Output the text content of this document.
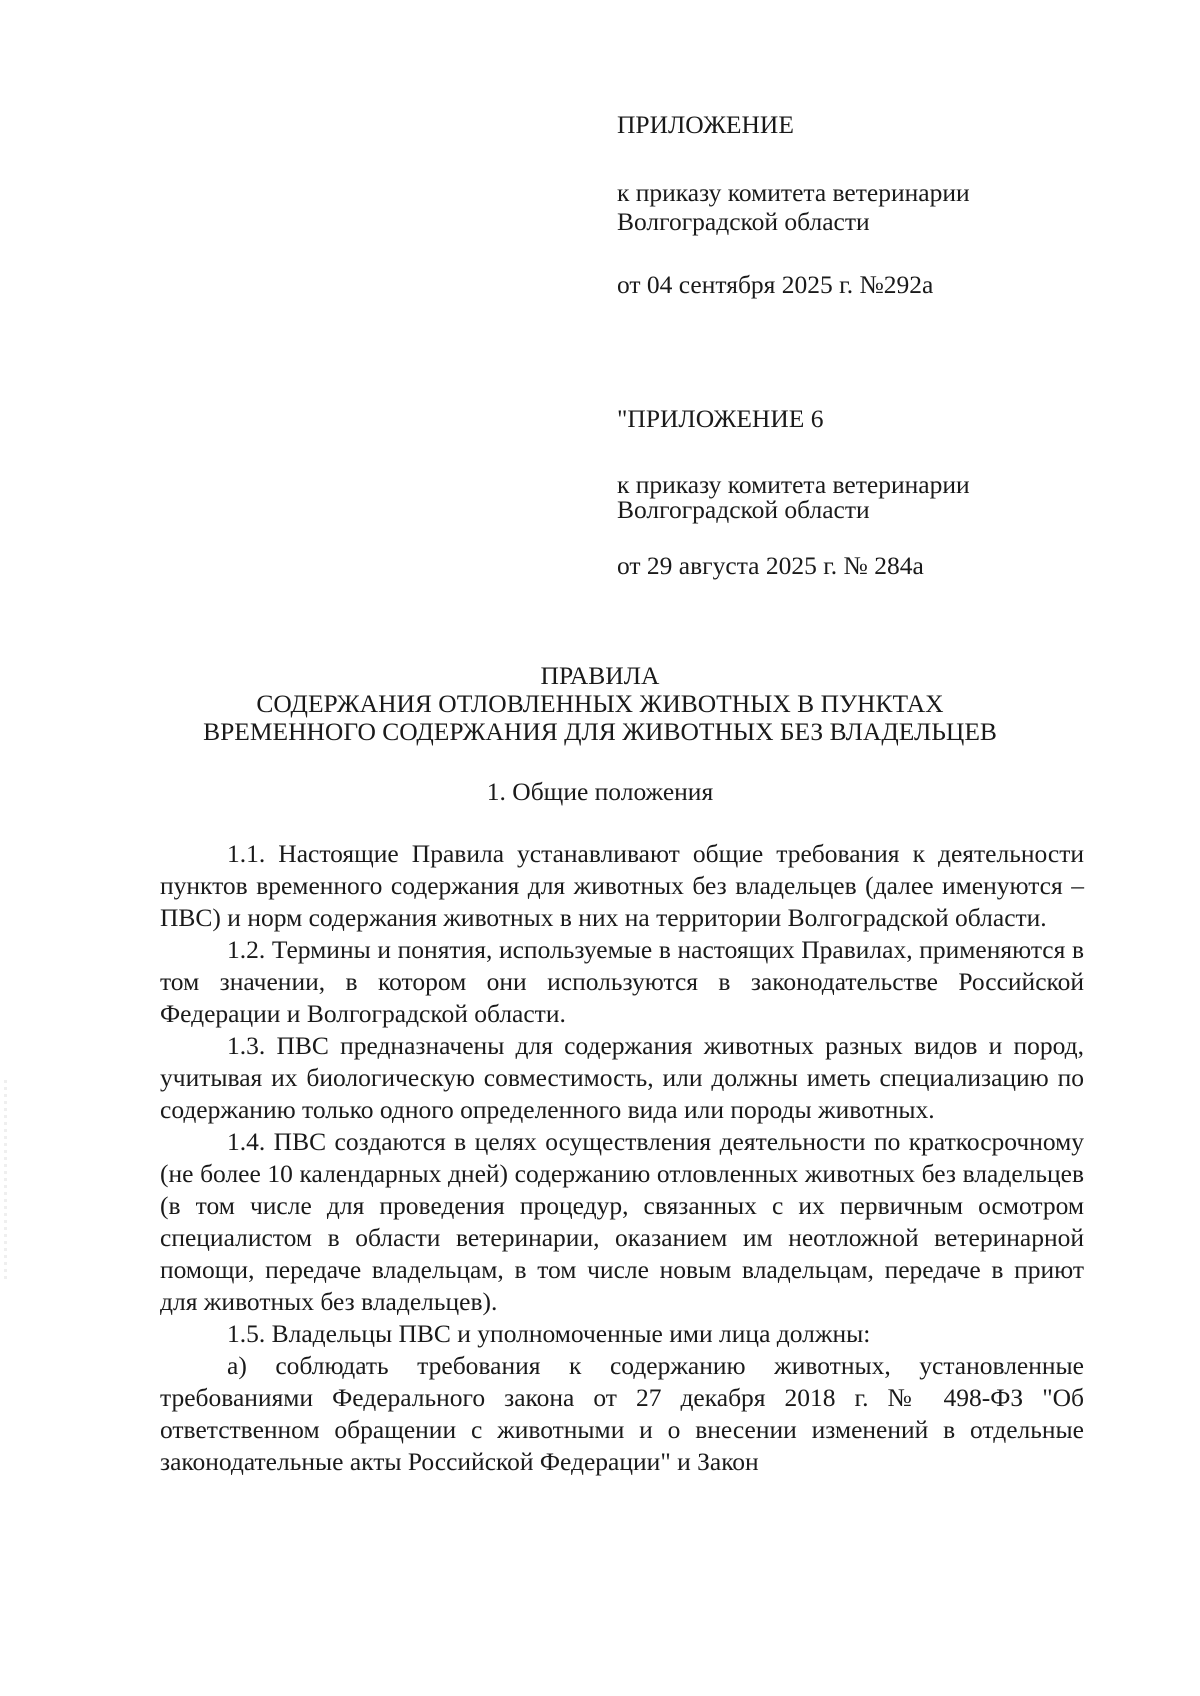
ПРИЛОЖЕНИЕ
к приказу комитета ветеринарии
Волгоградской области
от 04 сентября 2025 г. №292а
"ПРИЛОЖЕНИЕ 6
к приказу комитета ветеринарии
Волгоградской области
от 29 августа 2025 г. № 284а
ПРАВИЛА
СОДЕРЖАНИЯ ОТЛОВЛЕННЫХ ЖИВОТНЫХ В ПУНКТАХ
ВРЕМЕННОГО СОДЕРЖАНИЯ ДЛЯ ЖИВОТНЫХ БЕЗ ВЛАДЕЛЬЦЕВ
1. Общие положения

1.1. Настоящие Правила устанавливают общие требования к деятельности пунктов временного содержания для животных без владельцев (далее именуются – ПВС) и норм содержания животных в них на территории Волгоградской области.

1.2. Термины и понятия, используемые в настоящих Правилах, применяются в том значении, в котором они используются в законодательстве Российской Федерации и Волгоградской области.

1.3. ПВС предназначены для содержания животных разных видов и пород, учитывая их биологическую совместимость, или должны иметь специализацию по содержанию только одного определенного вида или породы животных.

1.4. ПВС создаются в целях осуществления деятельности по краткосрочному (не более 10 календарных дней) содержанию отловленных животных без владельцев (в том числе для проведения процедур, связанных с их первичным осмотром специалистом в области ветеринарии, оказанием им неотложной ветеринарной помощи, передаче владельцам, в том числе новым владельцам, передаче в приют для животных без владельцев).

1.5. Владельцы ПВС и уполномоченные ими лица должны:

а) соблюдать требования к содержанию животных, установленные требованиями Федерального закона от 27 декабря 2018 г. № 498-ФЗ "Об ответственном обращении с животными и о внесении изменений в отдельные законодательные акты Российской Федерации" и Закон
